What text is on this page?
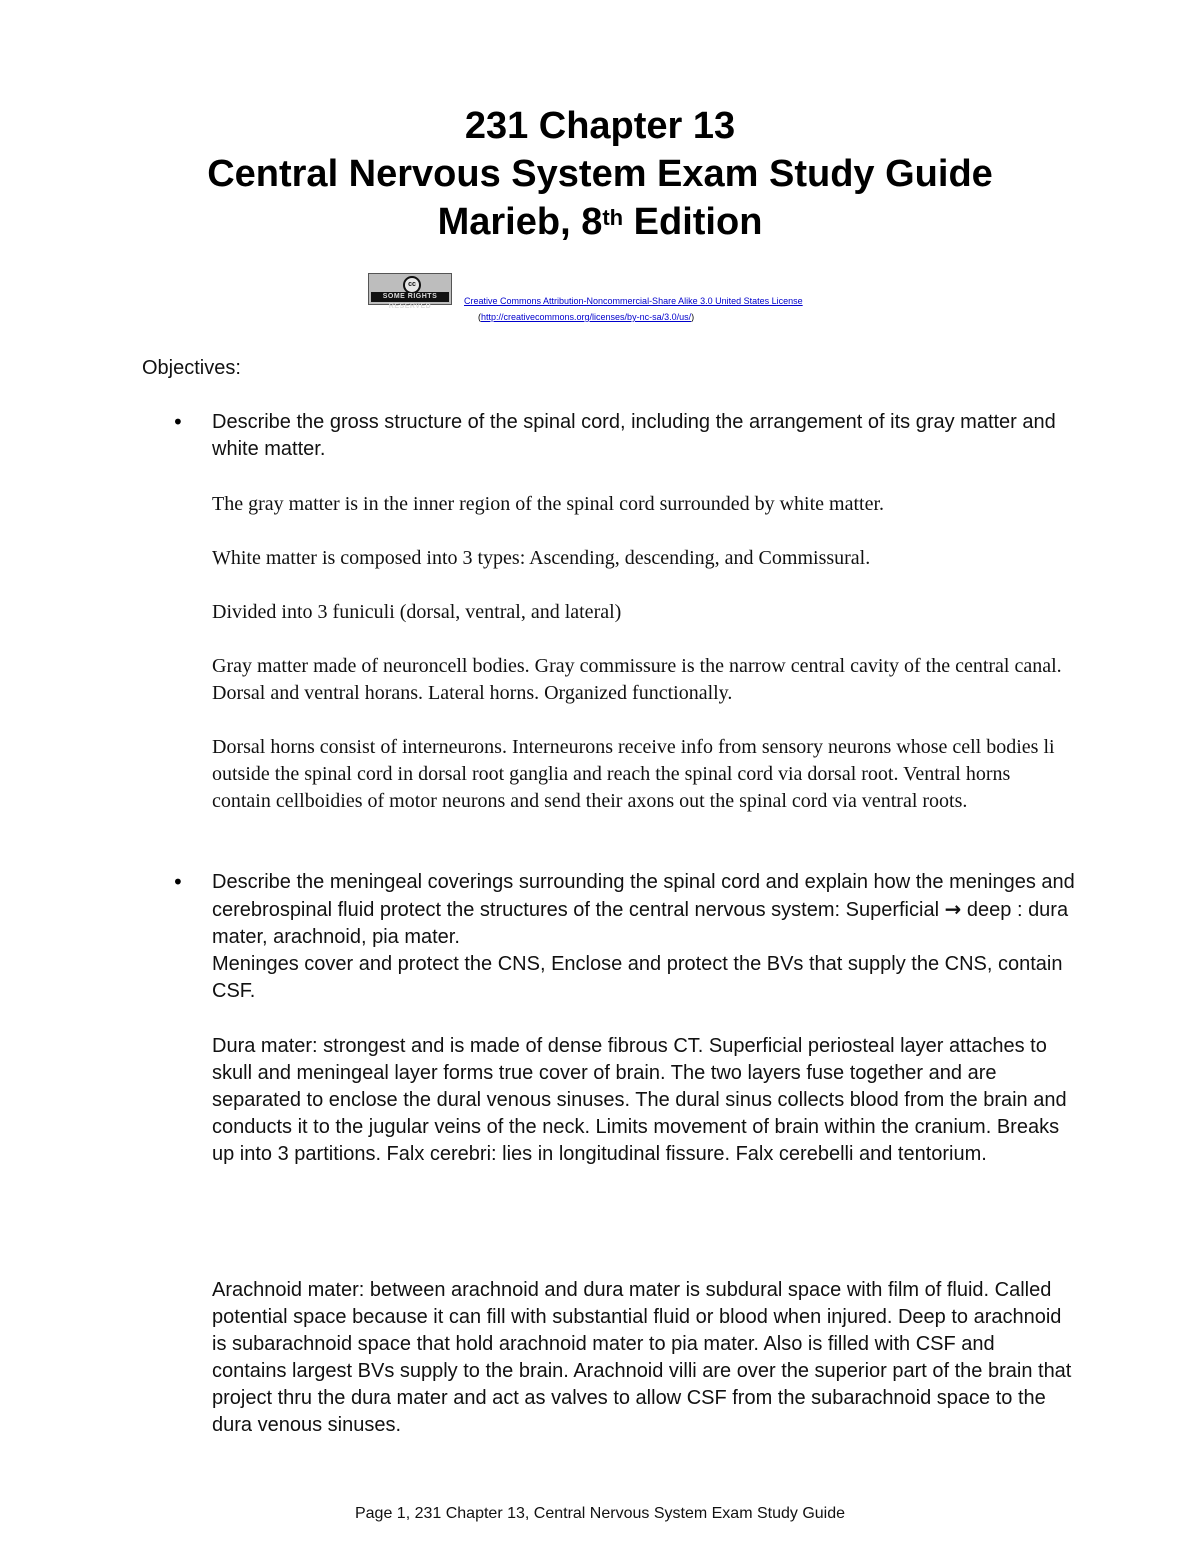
231 Chapter 13
Central Nervous System Exam Study Guide
Marieb, 8th Edition
cc
SOME RIGHTS RESERVED
Creative Commons Attribution-Noncommercial-Share Alike 3.0 United States License
(http://creativecommons.org/licenses/by-nc-sa/3.0/us/)
Objectives:
• Describe the gross structure of the spinal cord, including the arrangement of its gray matter and white matter.

The gray matter is in the inner region of the spinal cord surrounded by white matter.

White matter is composed into 3 types: Ascending, descending, and Commissural.

Divided into 3 funiculi (dorsal, ventral, and lateral)

Gray matter made of neuroncell bodies. Gray commissure is the narrow central cavity of the central canal. Dorsal and ventral horans. Lateral horns. Organized functionally.

Dorsal horns consist of interneurons. Interneurons receive info from sensory neurons whose cell bodies li outside the spinal cord in dorsal root ganglia and reach the spinal cord via dorsal root. Ventral horns contain cellboidies of motor neurons and send their axons out the spinal cord via ventral roots.

• Describe the meningeal coverings surrounding the spinal cord and explain how the meninges and cerebrospinal fluid protect the structures of the central nervous system: Superficial → deep : dura mater, arachnoid, pia mater.
Meninges cover and protect the CNS, Enclose and protect the BVs that supply the CNS, contain CSF.

Dura mater: strongest and is made of dense fibrous CT. Superficial periosteal layer attaches to skull and meningeal layer forms true cover of brain. The two layers fuse together and are separated to enclose the dural venous sinuses. The dural sinus collects blood from the brain and conducts it to the jugular veins of the neck. Limits movement of brain within the cranium. Breaks up into 3 partitions. Falx cerebri: lies in longitudinal fissure. Falx cerebelli and tentorium.

Arachnoid mater: between arachnoid and dura mater is subdural space with film of fluid. Called potential space because it can fill with substantial fluid or blood when injured. Deep to arachnoid is subarachnoid space that hold arachnoid mater to pia mater. Also is filled with CSF and contains largest BVs supply to the brain. Arachnoid villi are over the superior part of the brain that project thru the dura mater and act as valves to allow CSF from the subarachnoid space to the dura venous sinuses.

Page 1, 231 Chapter 13, Central Nervous System Exam Study Guide
